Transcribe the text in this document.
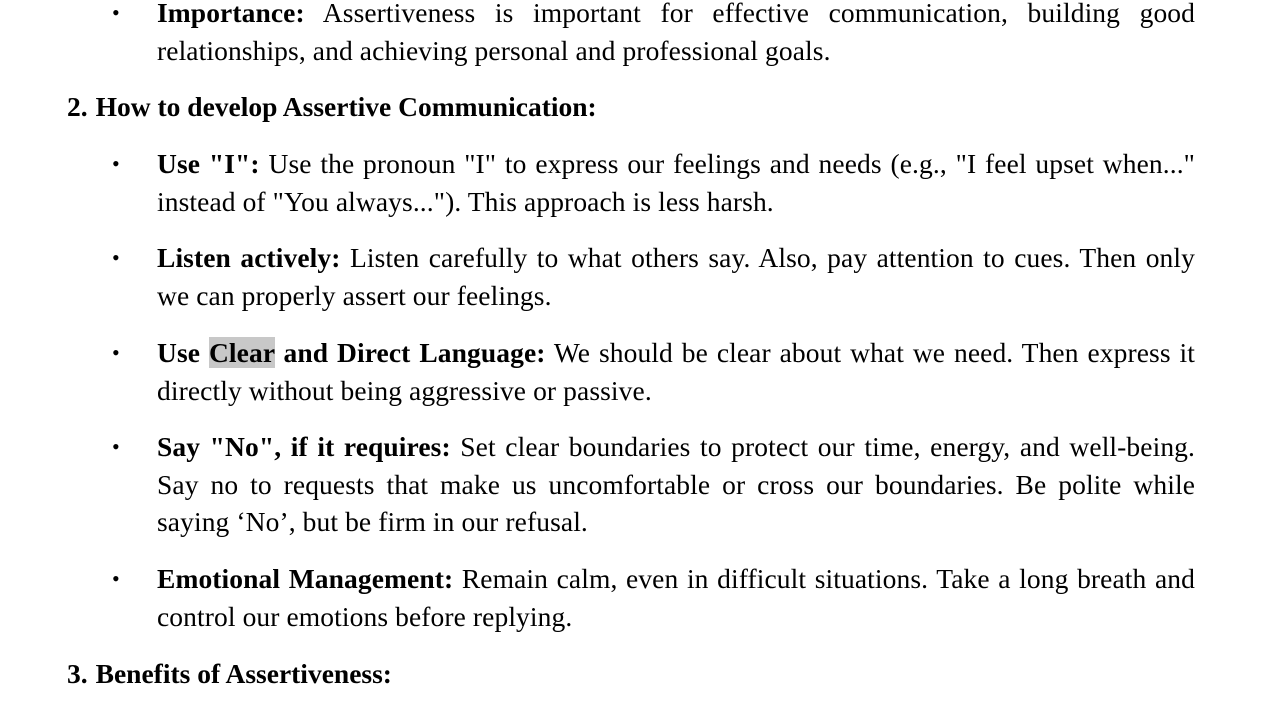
•
Importance: Assertiveness is important for effective communication, building good relationships, and achieving personal and professional goals.
2. How to develop Assertive Communication:
•
Use "I": Use the pronoun "I" to express our feelings and needs (e.g., "I feel upset when..." instead of "You always..."). This approach is less harsh.
•
Listen actively: Listen carefully to what others say. Also, pay attention to cues. Then only we can properly assert our feelings.
•
Use Clear and Direct Language: We should be clear about what we need. Then express it directly without being aggressive or passive.
•
Say "No", if it requires: Set clear boundaries to protect our time, energy, and well-being. Say no to requests that make us uncomfortable or cross our boundaries. Be polite while saying ‘No’, but be firm in our refusal.
•
Emotional Management: Remain calm, even in difficult situations. Take a long breath and control our emotions before replying.
3. Benefits of Assertiveness:
